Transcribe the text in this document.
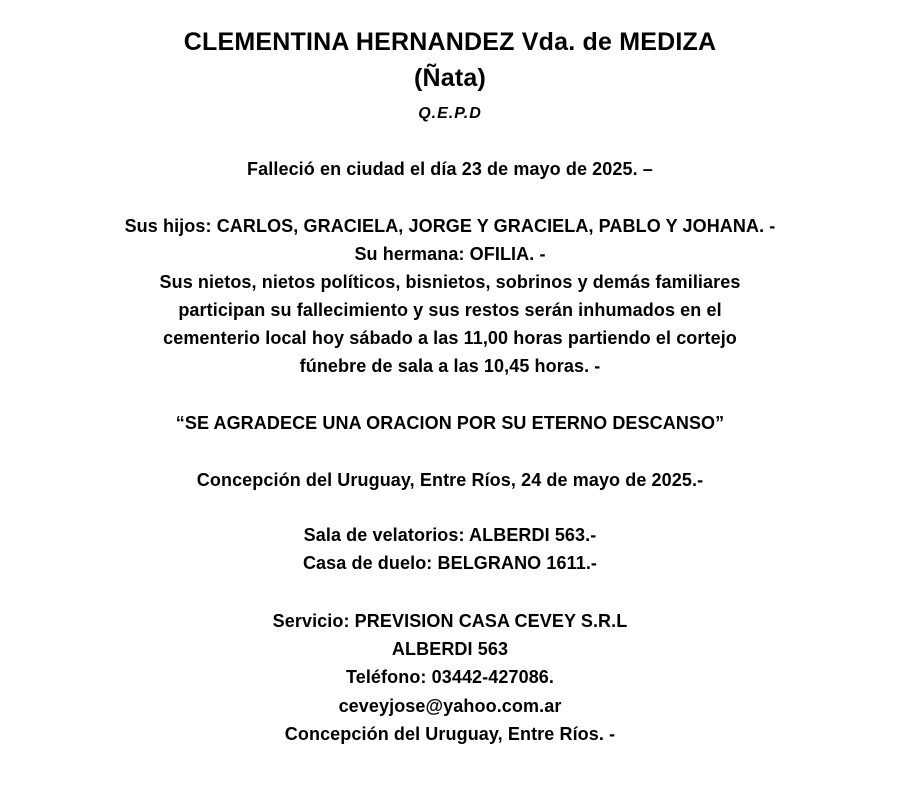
CLEMENTINA HERNANDEZ Vda. de MEDIZA
(Ñata)
Q.E.P.D
Falleció en ciudad el día 23 de mayo de 2025. –
Sus hijos: CARLOS, GRACIELA, JORGE Y GRACIELA, PABLO Y JOHANA. -
Su hermana: OFILIA. -
Sus nietos, nietos políticos, bisnietos, sobrinos y demás familiares
participan su fallecimiento y sus restos serán inhumados en el
cementerio local hoy sábado a las 11,00 horas partiendo el cortejo
fúnebre de sala a las 10,45 horas. -
“SE AGRADECE UNA ORACION POR SU ETERNO DESCANSO”
Concepción del Uruguay, Entre Ríos, 24 de mayo de 2025.-
Sala de velatorios: ALBERDI 563.-
Casa de duelo: BELGRANO 1611.-
Servicio: PREVISION CASA CEVEY S.R.L
ALBERDI 563
Teléfono: 03442-427086.
ceveyjose@yahoo.com.ar
Concepción del Uruguay, Entre Ríos. -
